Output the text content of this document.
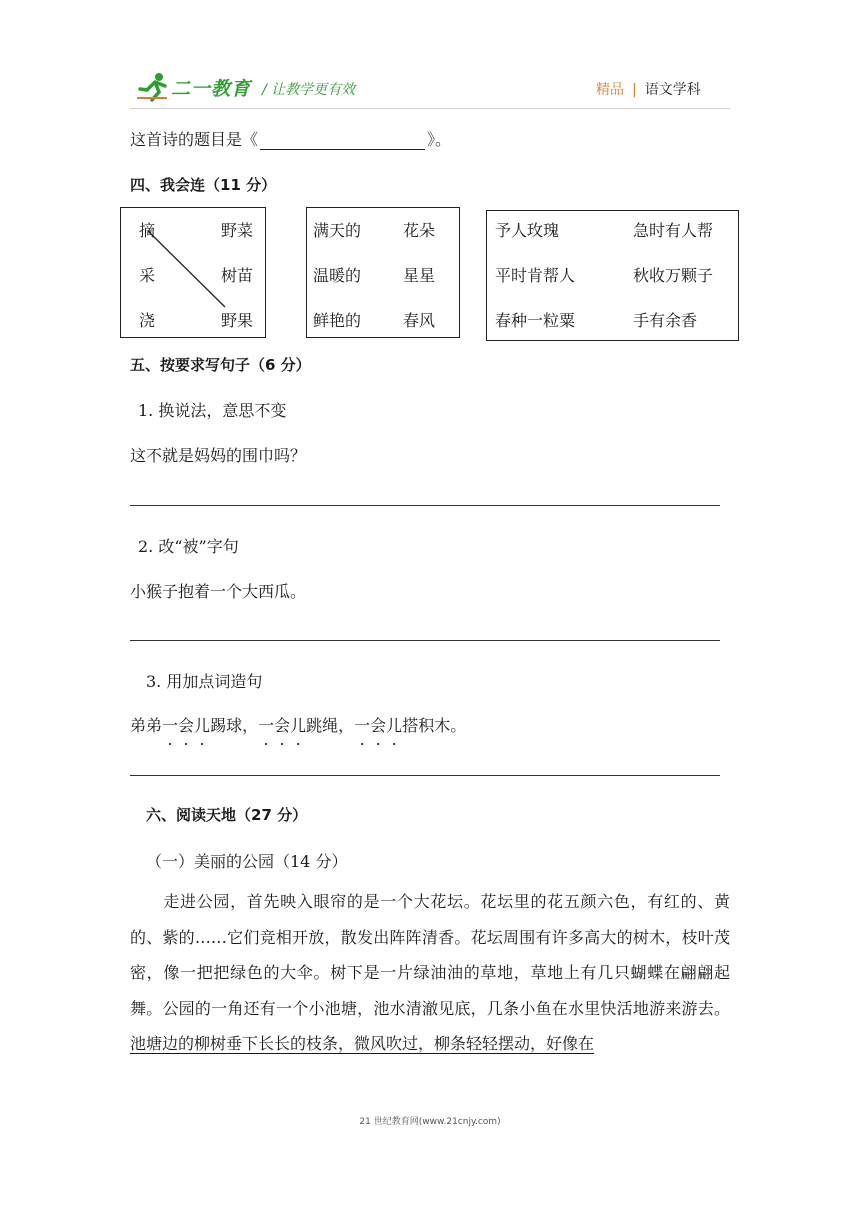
二一教育 / 让教学更有效	精品 | 语文学科
这首诗的题目是《	》。
四、我会连（11 分）
摘
采
浇
野菜
树苗
野果
满天的
温暖的
鲜艳的
花朵
星星
春风
予人玫瑰
平时肯帮人
春种一粒粟
急时有人帮
秋收万颗子
手有余香
五、按要求写句子（6 分）
1. 换说法，意思不变
这不就是妈妈的围巾吗？
2. 改“被”字句
小猴子抱着一个大西瓜。
3. 用加点词造句
弟弟一会儿踢球，一会儿跳绳，一会儿搭积木。
六、阅读天地（27 分）
（一）美丽的公园（14 分）
　　走进公园，首先映入眼帘的是一个大花坛。花坛里的花五颜六色，有红的、黄的、紫的……它们竞相开放，散发出阵阵清香。花坛周围有许多高大的树木，枝叶茂密，像一把把绿色的大伞。树下是一片绿油油的草地，草地上有几只蝴蝶在翩翩起舞。公园的一角还有一个小池塘，池水清澈见底，几条小鱼在水里快活地游来游去。池塘边的柳树垂下长长的枝条，微风吹过，柳条轻轻摆动，好像在
21 世纪教育网(www.21cnjy.com)
